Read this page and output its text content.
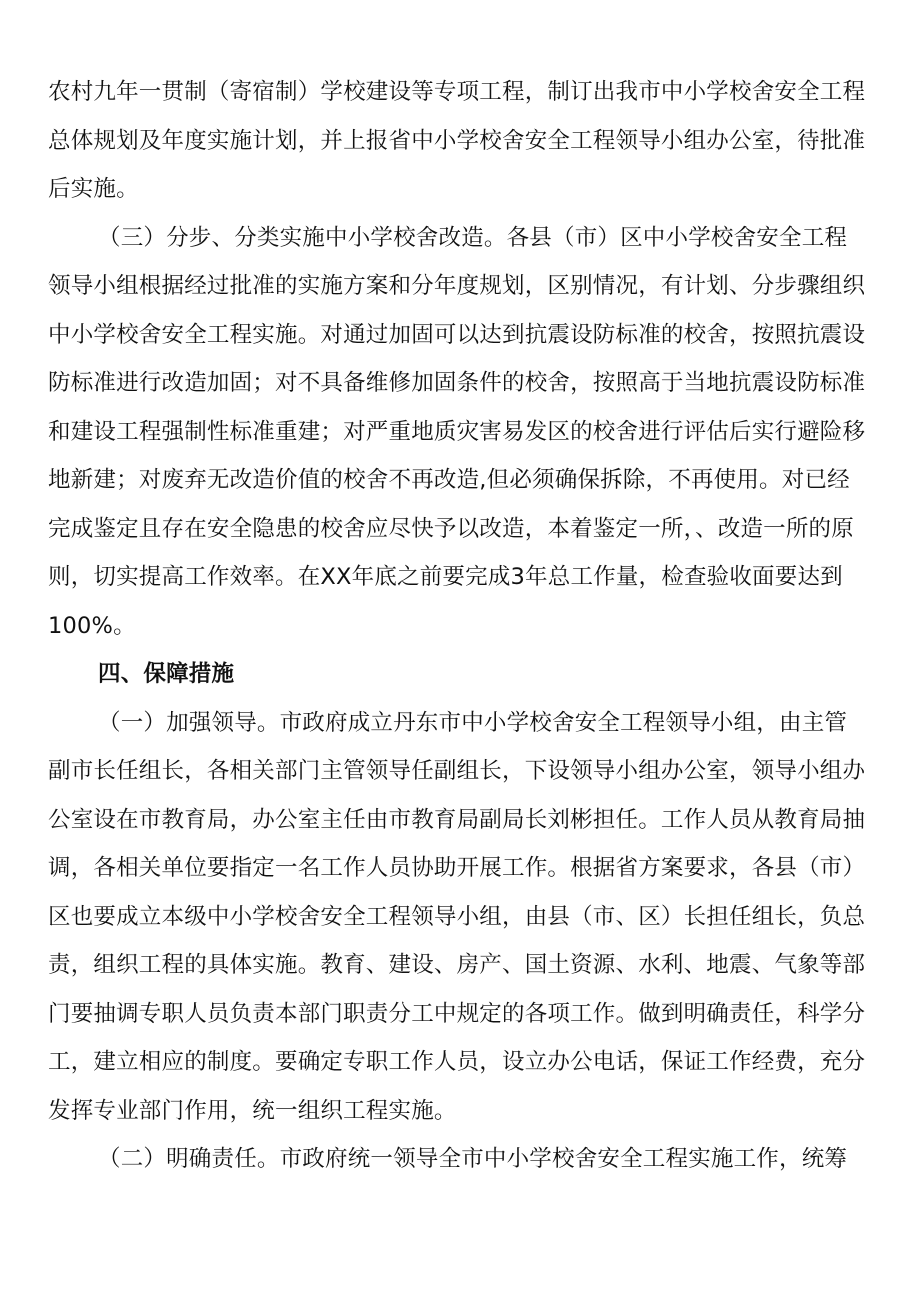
农村九年一贯制（寄宿制）学校建设等专项工程，制订出我市中小学校舍安全工程
总体规划及年度实施计划，并上报省中小学校舍安全工程领导小组办公室，待批准
后实施。
（三）分步、分类实施中小学校舍改造。各县（市）区中小学校舍安全工程
领导小组根据经过批准的实施方案和分年度规划，区别情况，有计划、分步骤组织
中小学校舍安全工程实施。对通过加固可以达到抗震设防标准的校舍，按照抗震设
防标准进行改造加固；对不具备维修加固条件的校舍，按照高于当地抗震设防标准
和建设工程强制性标准重建；对严重地质灾害易发区的校舍进行评估后实行避险移
地新建；对废弃无改造价值的校舍不再改造,但必须确保拆除，不再使用。对已经
完成鉴定且存在安全隐患的校舍应尽快予以改造，本着鉴定一所，、改造一所的原
则，切实提高工作效率。在XX年底之前要完成3年总工作量，检查验收面要达到
100%。
四、保障措施
（一）加强领导。市政府成立丹东市中小学校舍安全工程领导小组，由主管
副市长任组长，各相关部门主管领导任副组长，下设领导小组办公室，领导小组办
公室设在市教育局，办公室主任由市教育局副局长刘彬担任。工作人员从教育局抽
调，各相关单位要指定一名工作人员协助开展工作。根据省方案要求，各县（市）
区也要成立本级中小学校舍安全工程领导小组，由县（市、区）长担任组长，负总
责，组织工程的具体实施。教育、建设、房产、国土资源、水利、地震、气象等部
门要抽调专职人员负责本部门职责分工中规定的各项工作。做到明确责任，科学分
工，建立相应的制度。要确定专职工作人员，设立办公电话，保证工作经费，充分
发挥专业部门作用，统一组织工程实施。
（二）明确责任。市政府统一领导全市中小学校舍安全工程实施工作，统筹
